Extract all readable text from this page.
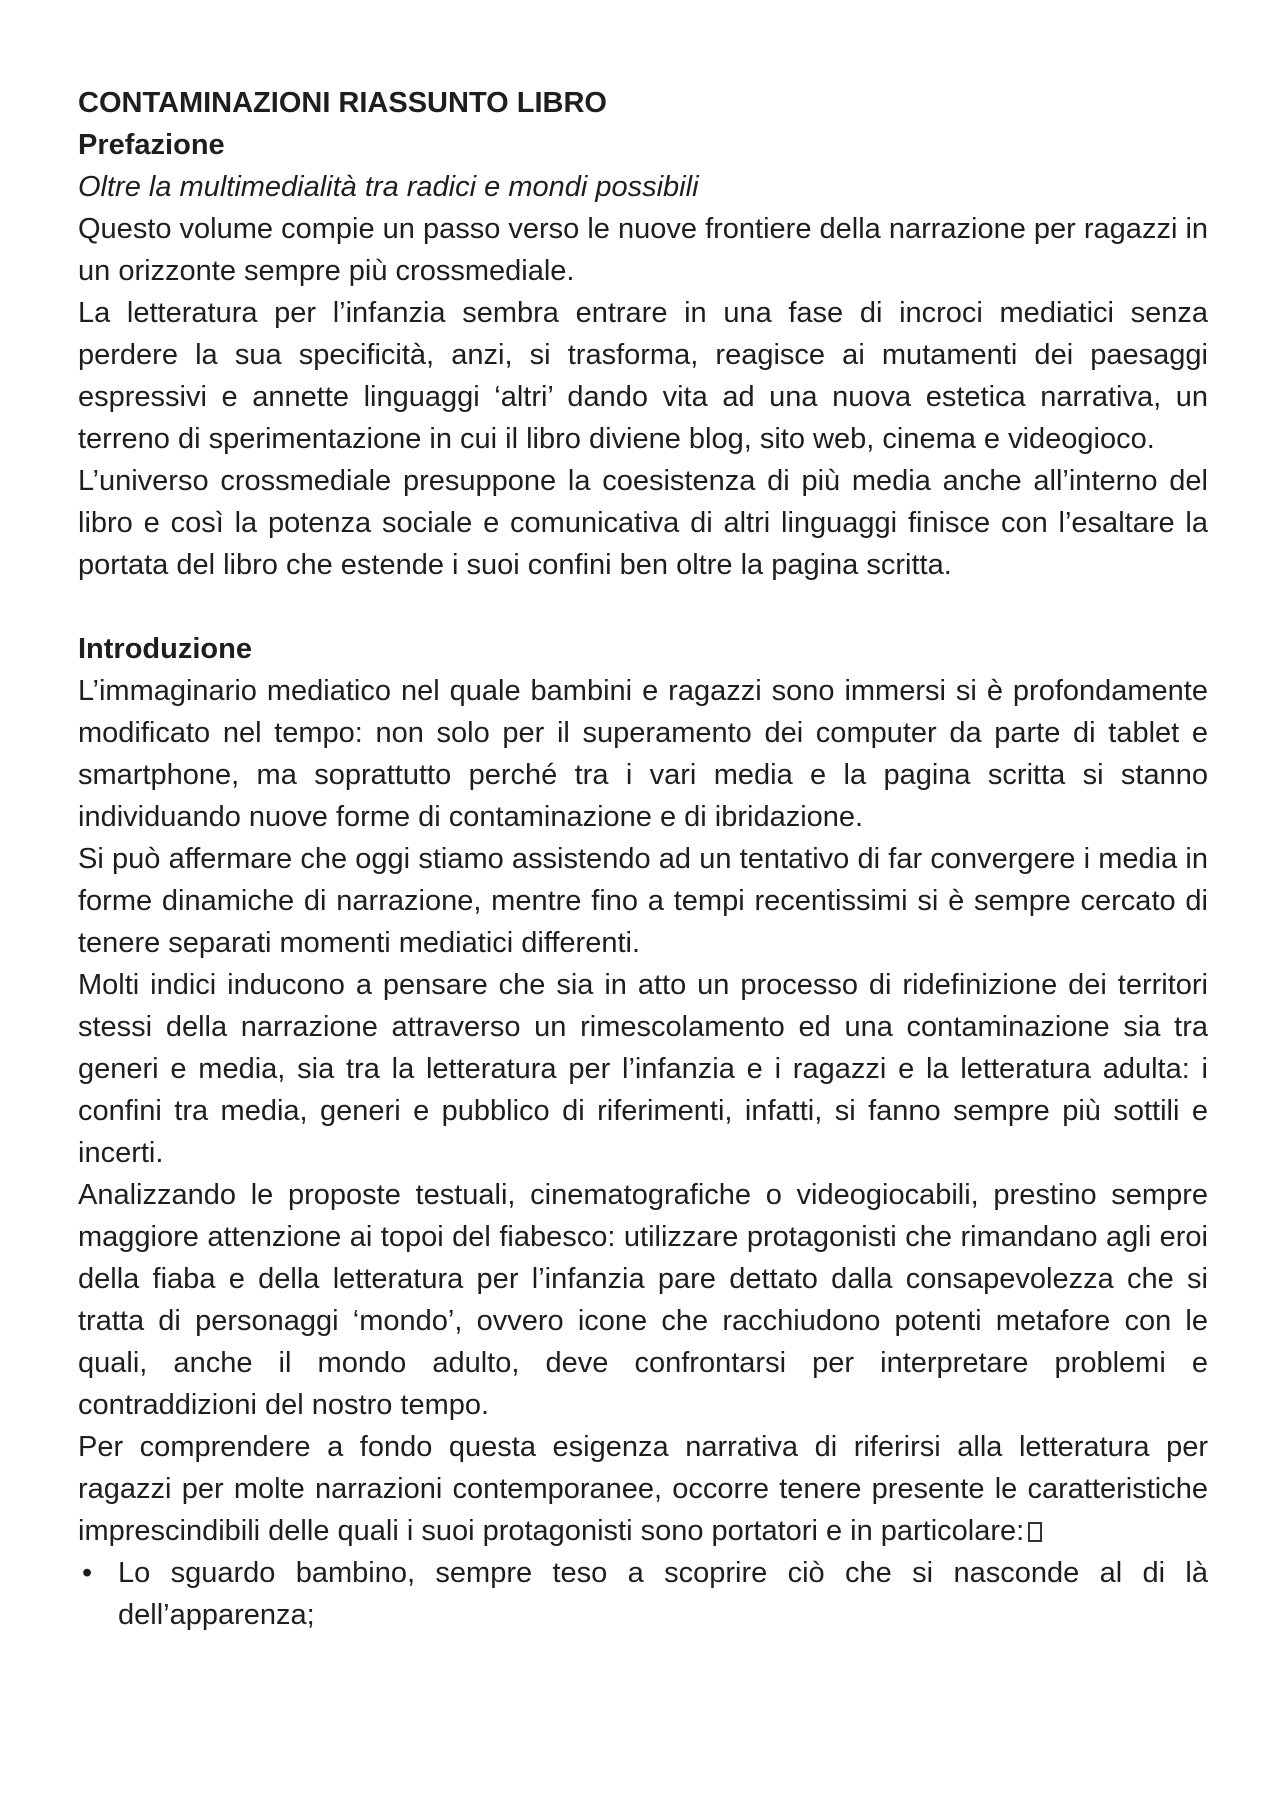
CONTAMINAZIONI RIASSUNTO LIBRO

Prefazione

Oltre la multimedialità tra radici e mondi possibili

Questo volume compie un passo verso le nuove frontiere della narrazione per ragazzi in un orizzonte sempre più crossmediale.

La letteratura per l’infanzia sembra entrare in una fase di incroci mediatici senza perdere la sua specificità, anzi, si trasforma, reagisce ai mutamenti dei paesaggi espressivi e annette linguaggi ‘altri’ dando vita ad una nuova estetica narrativa, un terreno di sperimentazione in cui il libro diviene blog, sito web, cinema e videogioco.

L’universo crossmediale presuppone la coesistenza di più media anche all’interno del libro e così la potenza sociale e comunicativa di altri linguaggi finisce con l’esaltare la portata del libro che estende i suoi confini ben oltre la pagina scritta.

Introduzione

L’immaginario mediatico nel quale bambini e ragazzi sono immersi si è profondamente modificato nel tempo: non solo per il superamento dei computer da parte di tablet e smartphone, ma soprattutto perché tra i vari media e la pagina scritta si stanno individuando nuove forme di contaminazione e di ibridazione.

Si può affermare che oggi stiamo assistendo ad un tentativo di far convergere i media in forme dinamiche di narrazione, mentre fino a tempi recentissimi si è sempre cercato di tenere separati momenti mediatici differenti.

Molti indici inducono a pensare che sia in atto un processo di ridefinizione dei territori stessi della narrazione attraverso un rimescolamento ed una contaminazione sia tra generi e media, sia tra la letteratura per l’infanzia e i ragazzi e la letteratura adulta: i confini tra media, generi e pubblico di riferimenti, infatti, si fanno sempre più sottili e incerti.

Analizzando le proposte testuali, cinematografiche o videogiocabili, prestino sempre maggiore attenzione ai topoi del fiabesco: utilizzare protagonisti che rimandano agli eroi della fiaba e della letteratura per l’infanzia pare dettato dalla consapevolezza che si tratta di personaggi ‘mondo’, ovvero icone che racchiudono potenti metafore con le quali, anche il mondo adulto, deve confrontarsi per interpretare problemi e contraddizioni del nostro tempo.

Per comprendere a fondo questa esigenza narrativa di riferirsi alla letteratura per ragazzi per molte narrazioni contemporanee, occorre tenere presente le caratteristiche imprescindibili delle quali i suoi protagonisti sono portatori e in particolare:

• Lo sguardo bambino, sempre teso a scoprire ciò che si nasconde al di là dell’apparenza;
